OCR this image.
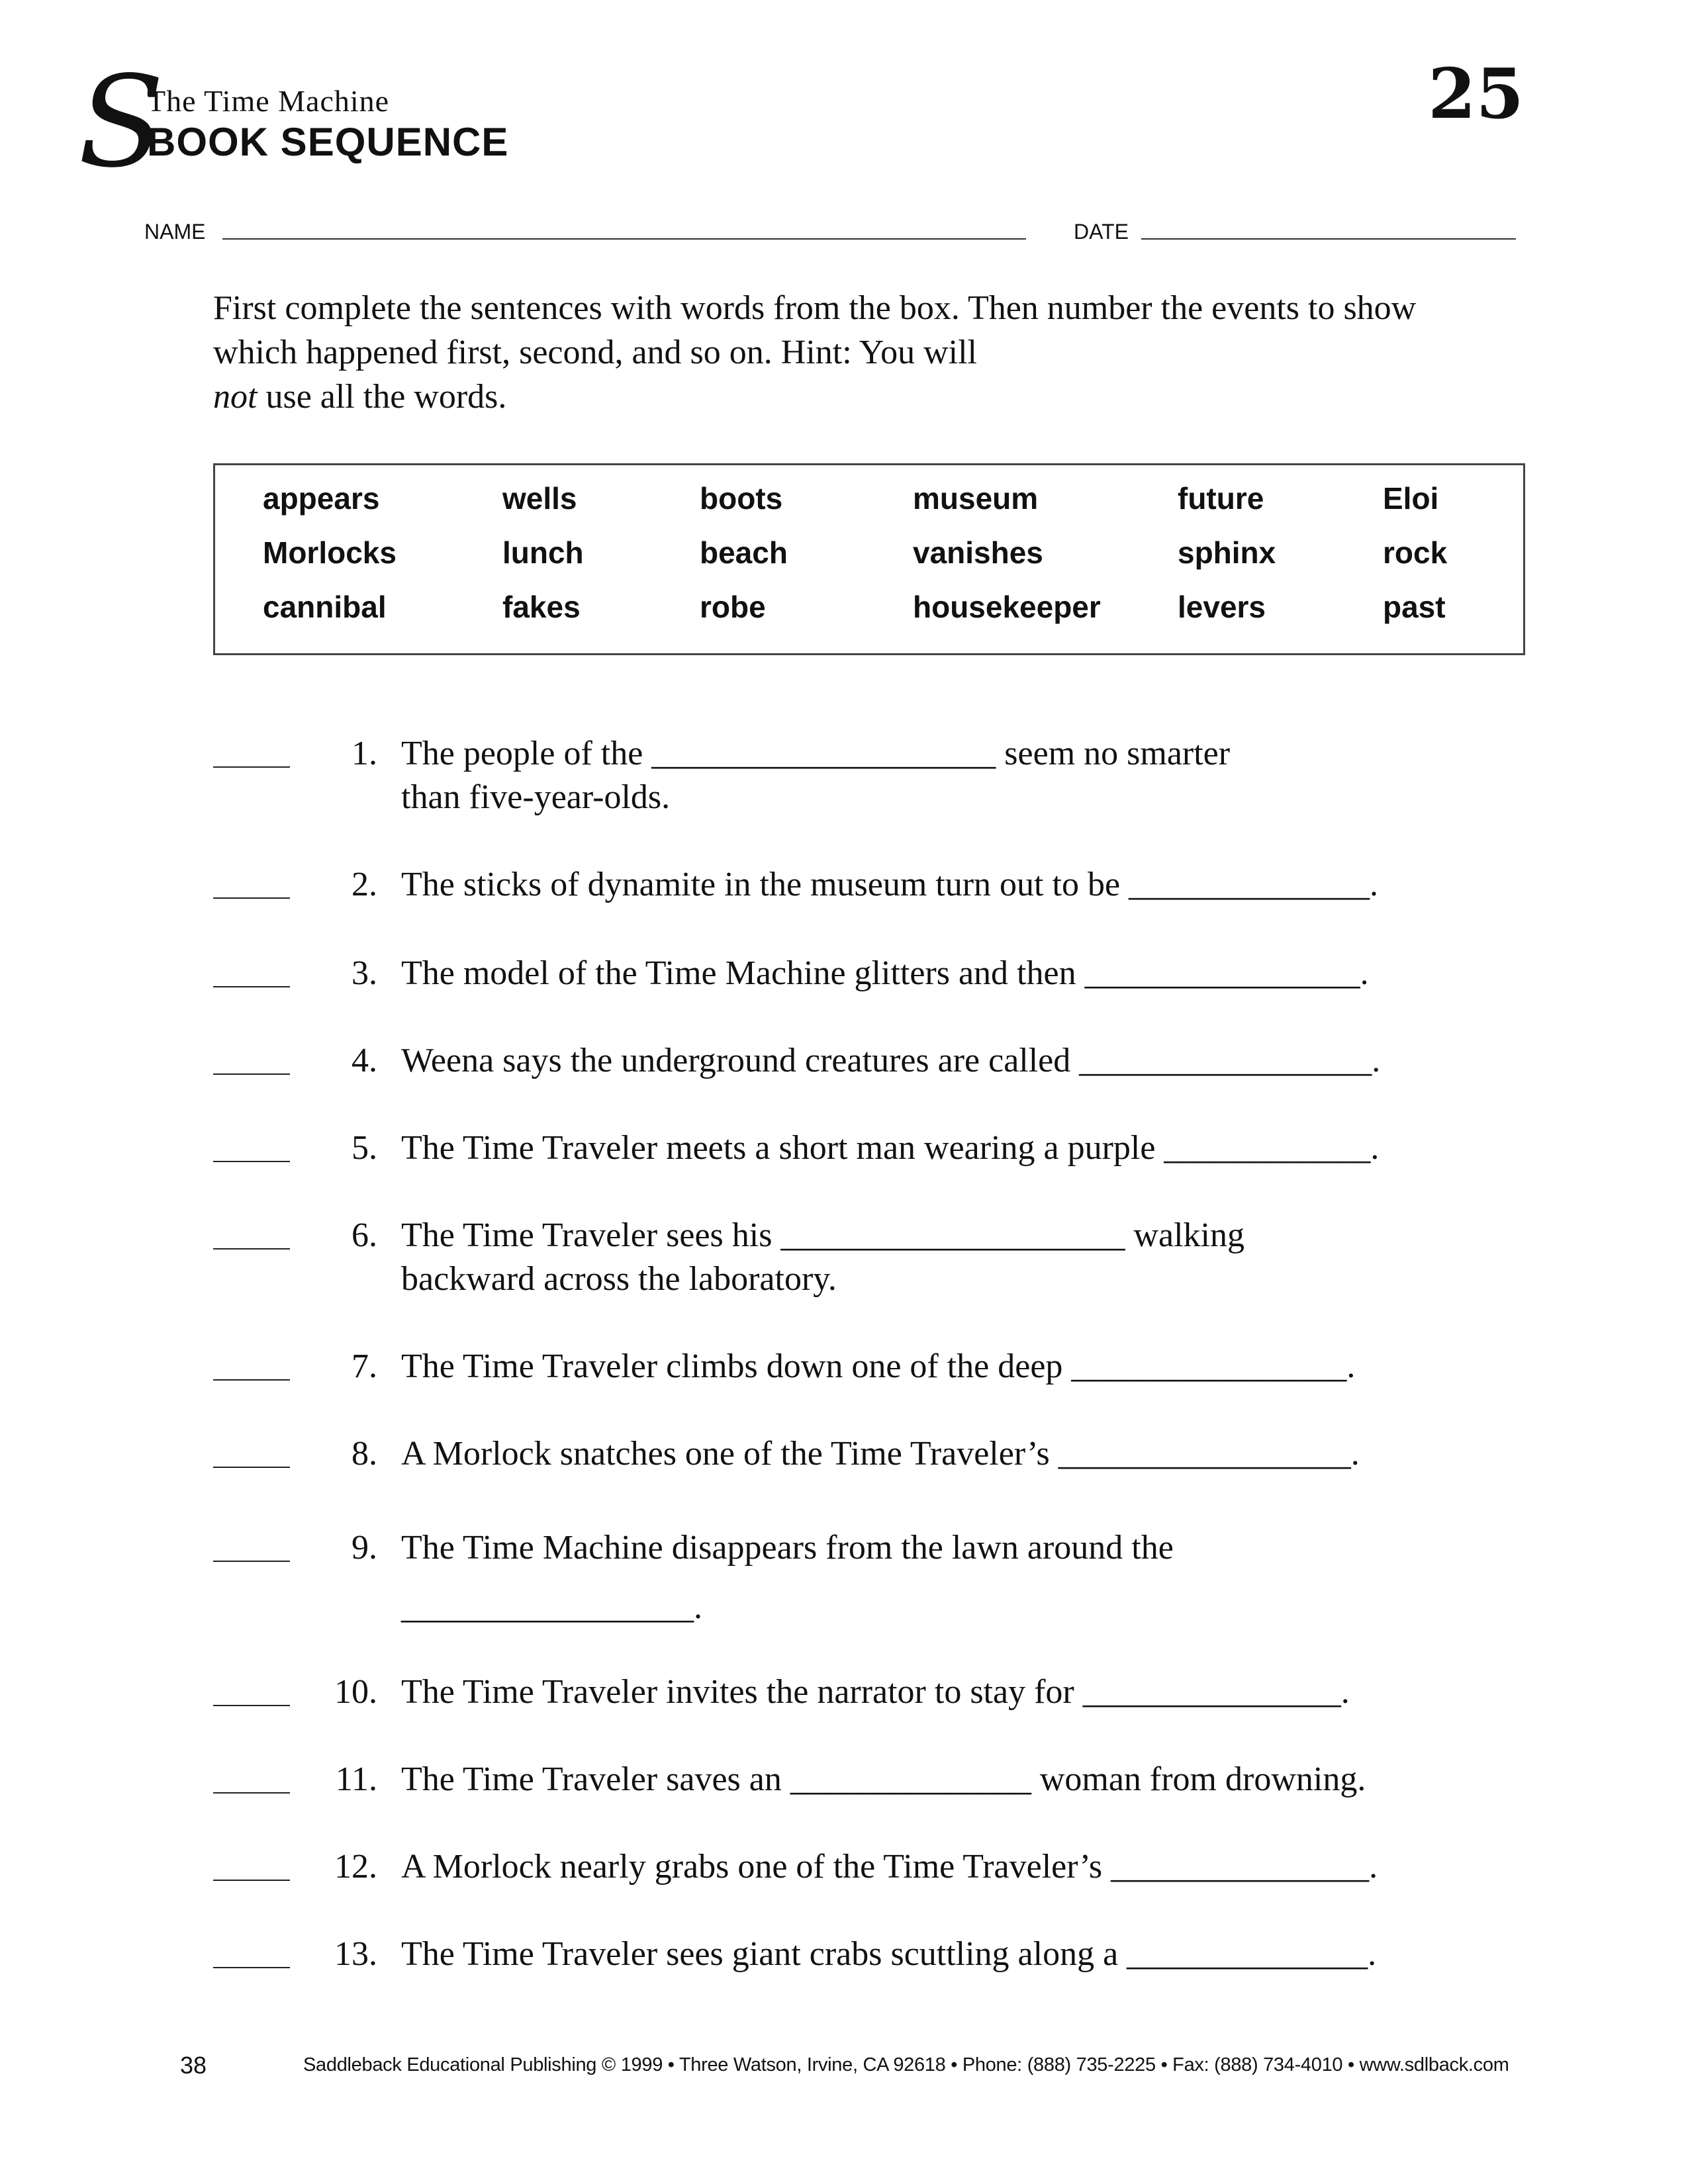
S
The Time Machine
BOOK SEQUENCE
25
NAME	DATE
First complete the sentences with words from the box. Then number the events to show which happened first, second, and so on. Hint: You will
not use all the words.
appears	wells	boots	museum	future	Eloi
Morlocks	lunch	beach	vanishes	sphinx	rock
cannibal	fakes	robe	housekeeper	levers	past
1. The people of the ____________________ seem no smarter
than five-year-olds.
2. The sticks of dynamite in the museum turn out to be ______________.
3. The model of the Time Machine glitters and then ________________.
4. Weena says the underground creatures are called _________________.
5. The Time Traveler meets a short man wearing a purple ____________.
6. The Time Traveler sees his ____________________ walking
backward across the laboratory.
7. The Time Traveler climbs down one of the deep ________________.
8. A Morlock snatches one of the Time Traveler’s _________________.
9. The Time Machine disappears from the lawn around the
_________________.
10. The Time Traveler invites the narrator to stay for _______________.
11. The Time Traveler saves an ______________ woman from drowning.
12. A Morlock nearly grabs one of the Time Traveler’s _______________.
13. The Time Traveler sees giant crabs scuttling along a ______________.
38	Saddleback Educational Publishing © 1999 • Three Watson, Irvine, CA 92618 • Phone: (888) 735-2225 • Fax: (888) 734-4010 • www.sdlback.com
